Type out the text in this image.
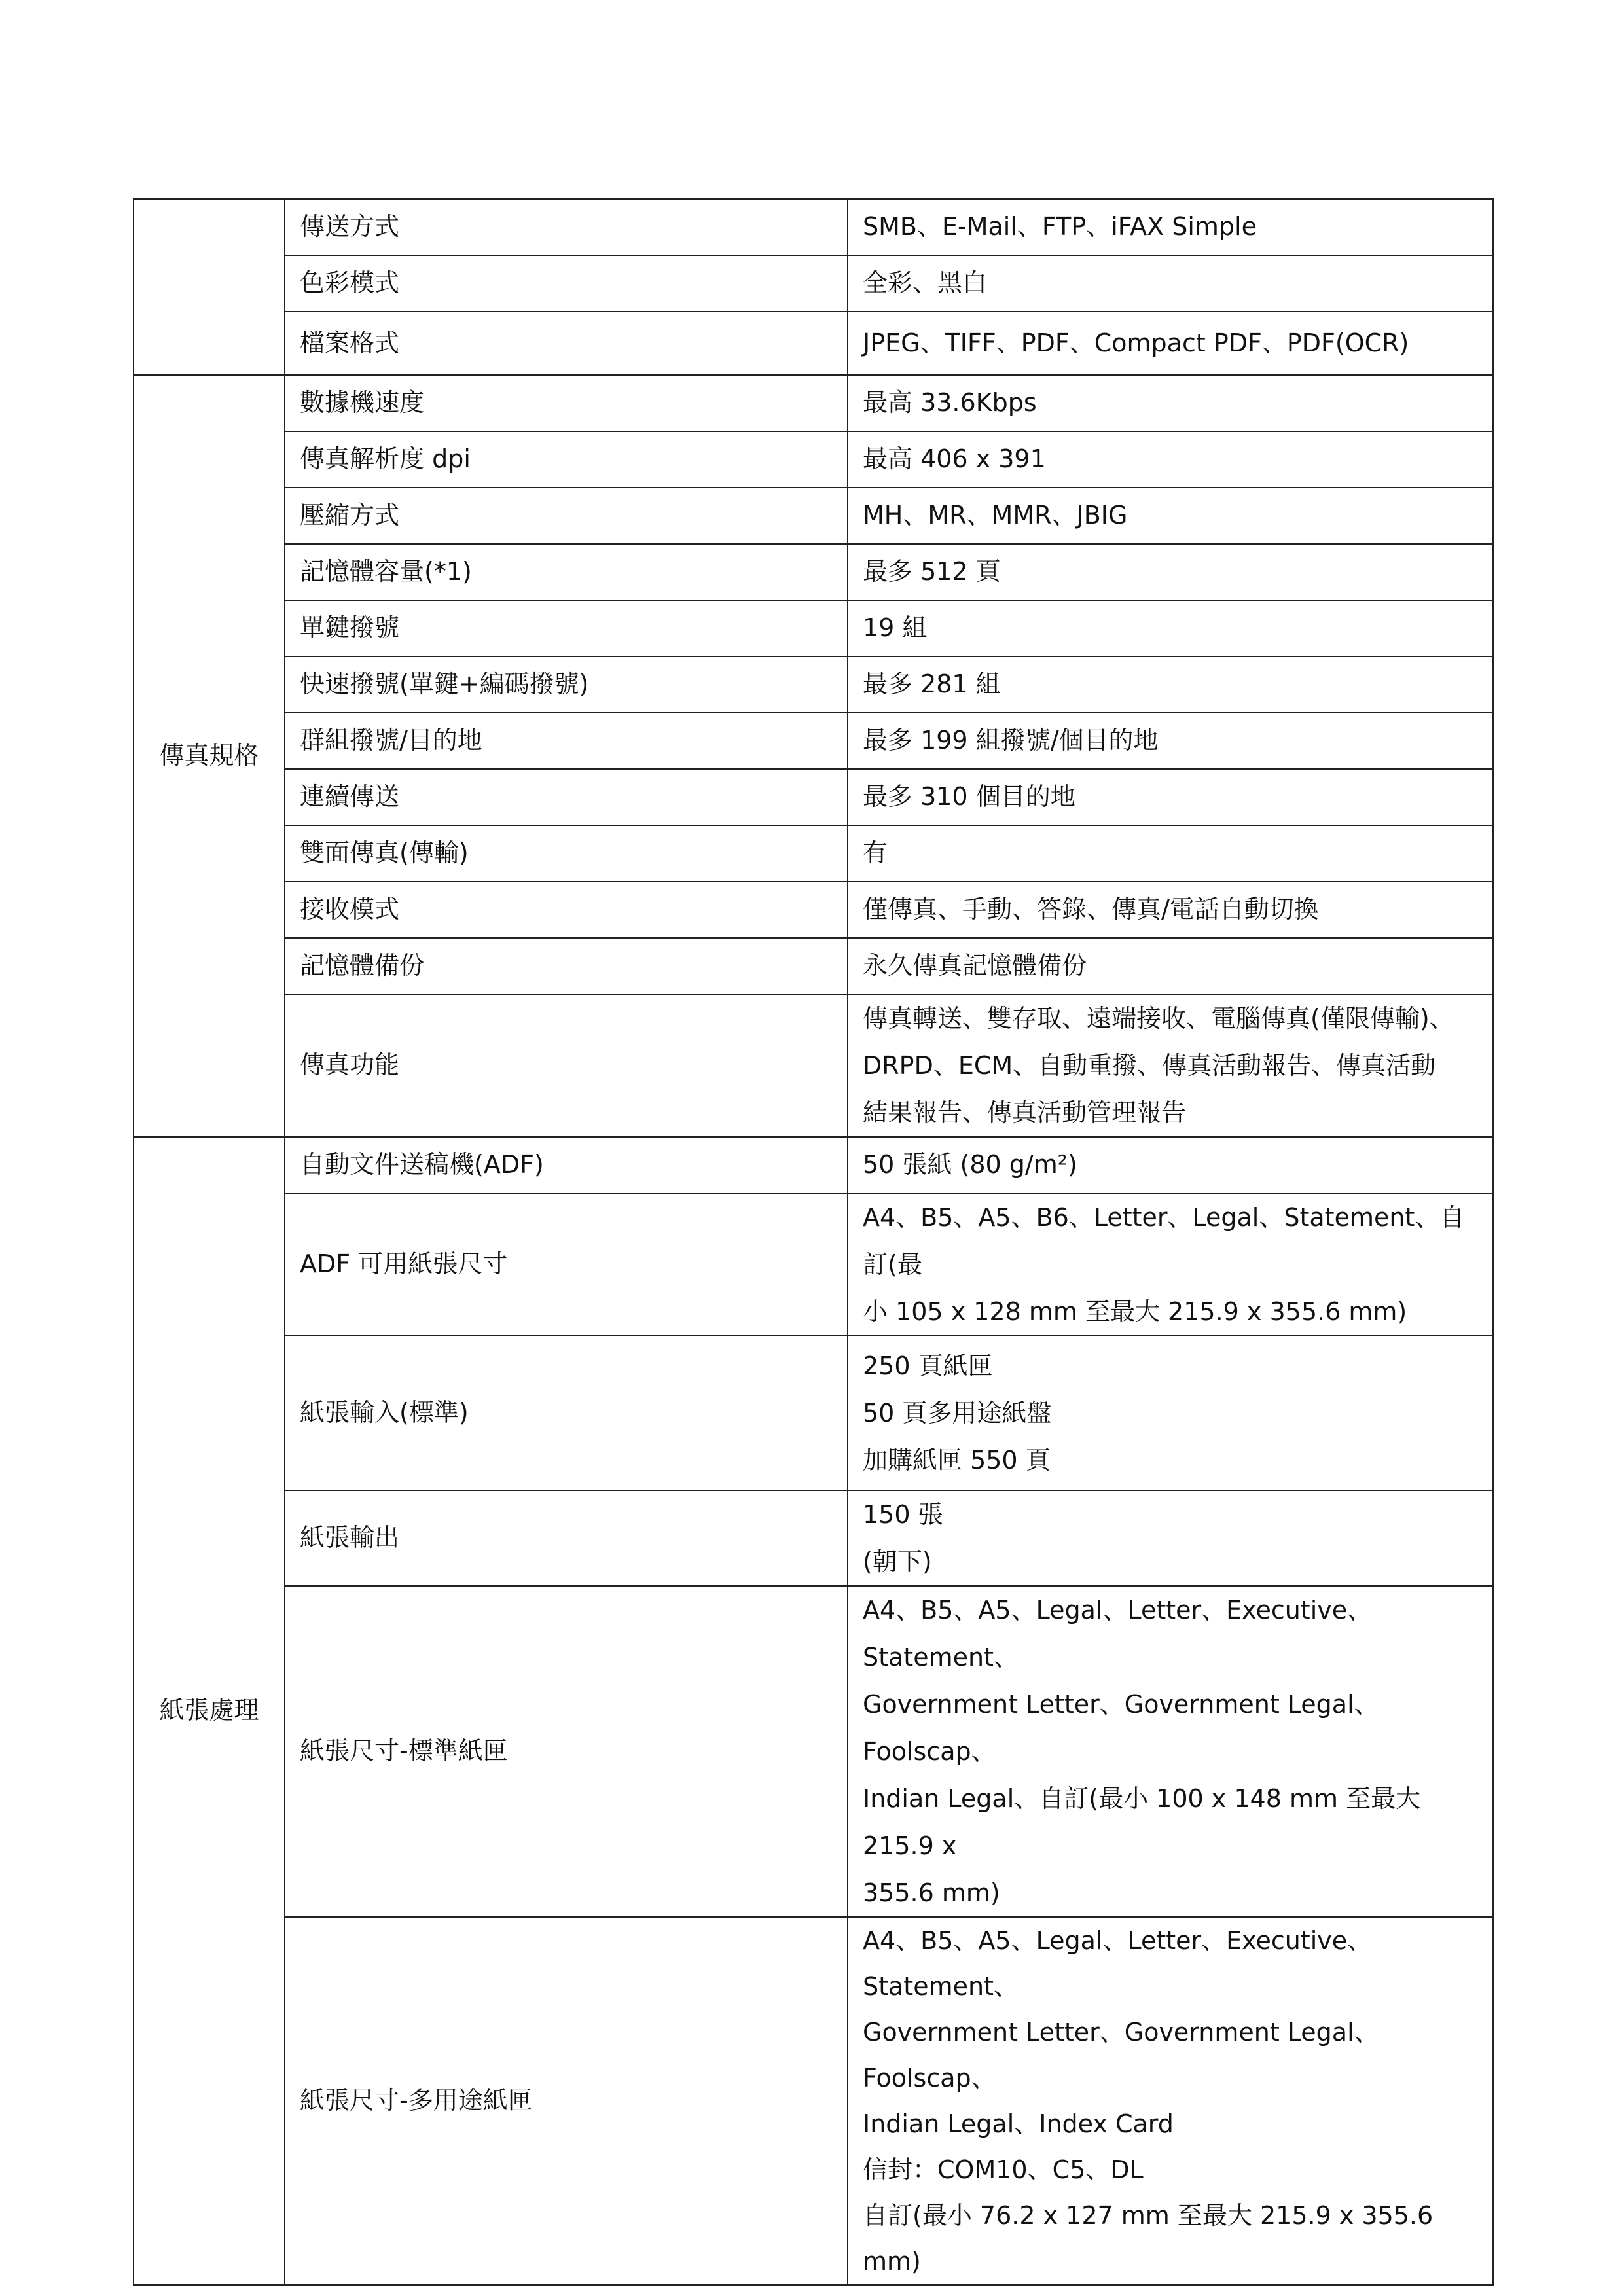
	傳送方式	SMB、E-Mail、FTP、iFAX Simple

	色彩模式	全彩、黑白

	檔案格式	JPEG、TIFF、PDF、Compact PDF、PDF(OCR)

傳真規格	數據機速度	最高 33.6Kbps

	傳真解析度 dpi	最高 406 x 391

	壓縮方式	MH、MR、MMR、JBIG

	記憶體容量(*1)	最多 512 頁

	單鍵撥號	19 組

	快速撥號(單鍵+編碼撥號)	最多 281 組

	群組撥號/目的地	最多 199 組撥號/個目的地

	連續傳送	最多 310 個目的地

	雙面傳真(傳輸)	有

	接收模式	僅傳真、手動、答錄、傳真/電話自動切換

	記憶體備份	永久傳真記憶體備份

	傳真功能	傳真轉送、雙存取、遠端接收、電腦傳真(僅限傳輸)、
DRPD、ECM、自動重撥、傳真活動報告、傳真活動
結果報告、傳真活動管理報告

紙張處理	自動文件送稿機(ADF)	50 張紙 (80 g/m²)

	ADF 可用紙張尺寸	A4、B5、A5、B6、Letter、Legal、Statement、自訂(最
小 105 x 128 mm 至最大 215.9 x 355.6 mm)

	紙張輸入(標準)	250 頁紙匣
50 頁多用途紙盤
加購紙匣 550 頁

	紙張輸出	150 張
(朝下)

	紙張尺寸-標準紙匣	A4、B5、A5、Legal、Letter、Executive、Statement、
Government Letter、Government Legal、Foolscap、
Indian Legal、自訂(最小 100 x 148 mm 至最大 215.9 x
355.6 mm)

	紙張尺寸-多用途紙匣	A4、B5、A5、Legal、Letter、Executive、Statement、
Government Letter、Government Legal、Foolscap、
Indian Legal、Index Card
信封：COM10、C5、DL
自訂(最小 76.2 x 127 mm 至最大 215.9 x 355.6 mm)
